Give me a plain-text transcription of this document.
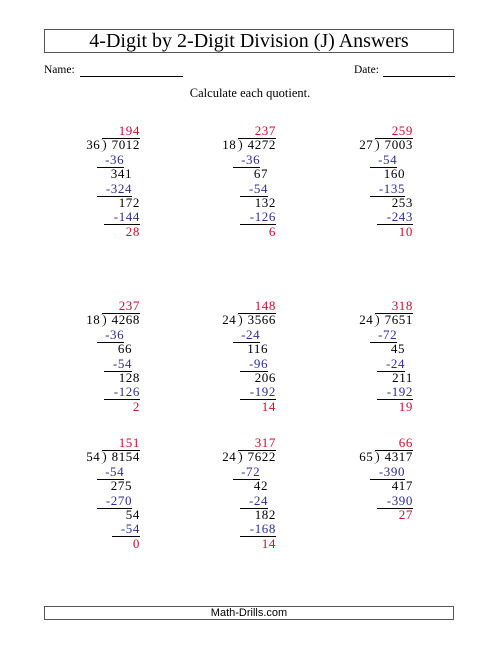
4-Digit by 2-Digit Division (J) Answers
Name:	Date:
Calculate each quotient.
194
7012
36
-36
341
-324
172
-144
28
237
4272
18
-36
67
-54
132
-126
6
259
7003
27
-54
160
-135
253
-243
10
237
4268
18
-36
66
-54
128
-126
2
148
3566
24
-24
116
-96
206
-192
14
318
7651
24
-72
45
-24
211
-192
19
151
8154
54
-54
275
-270
54
-54
0
317
7622
24
-72
42
-24
182
-168
14
66
4317
65
-390
417
-390
27
Math-Drills.com
